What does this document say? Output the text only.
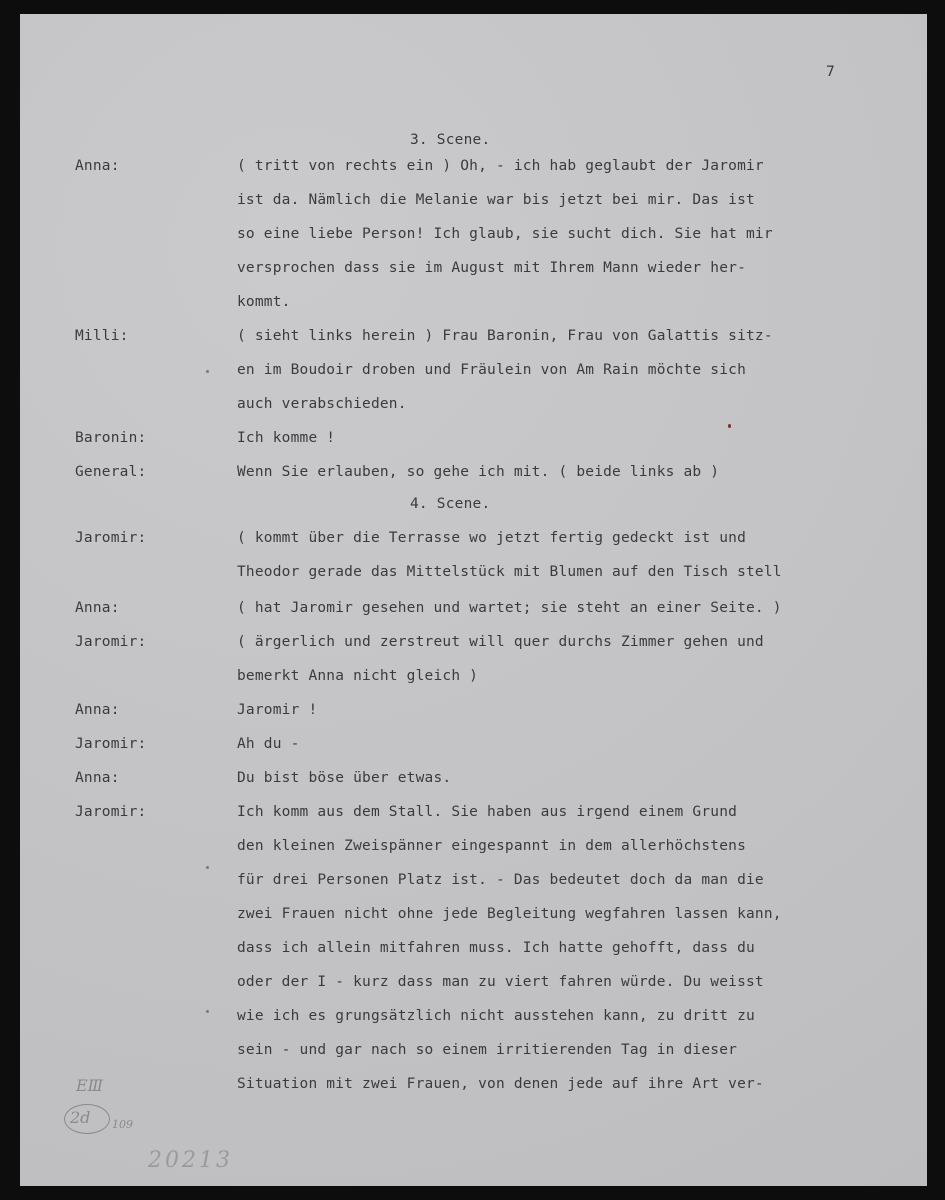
7
3. Scene.
Anna:	( tritt von rechts ein ) Oh, - ich hab geglaubt der Jaromir
ist da. Nämlich die Melanie war bis jetzt bei mir. Das ist
so eine liebe Person! Ich glaub, sie sucht dich. Sie hat mir
versprochen dass sie im August mit Ihrem Mann wieder her-
kommt.
Milli:	( sieht links herein ) Frau Baronin, Frau von Galattis sitz-
en im Boudoir droben und Fräulein von Am Rain möchte sich
auch verabschieden.
Baronin:	Ich komme !
General:	Wenn Sie erlauben, so gehe ich mit. ( beide links ab )
4. Scene.
Jaromir:	( kommt über die Terrasse wo jetzt fertig gedeckt ist und
Theodor gerade das Mittelstück mit Blumen auf den Tisch stell
Anna:	( hat Jaromir gesehen und wartet; sie steht an einer Seite. )
Jaromir:	( ärgerlich und zerstreut will quer durchs Zimmer gehen und
bemerkt Anna nicht gleich )
Anna:	Jaromir !
Jaromir:	Ah du -
Anna:	Du bist böse über etwas.
Jaromir:	Ich komm aus dem Stall. Sie haben aus irgend einem Grund
den kleinen Zweispänner eingespannt in dem allerhöchstens
für drei Personen Platz ist. - Das bedeutet doch da man die
zwei Frauen nicht ohne jede Begleitung wegfahren lassen kann,
dass ich allein mitfahren muss. Ich hatte gehofft, dass du
oder der I - kurz dass man zu viert fahren würde. Du weisst
wie ich es grungsätzlich nicht ausstehen kann, zu dritt zu
sein - und gar nach so einem irritierenden Tag in dieser
Situation mit zwei Frauen, von denen jede auf ihre Art ver-
EⅢ
2d 109
20213
